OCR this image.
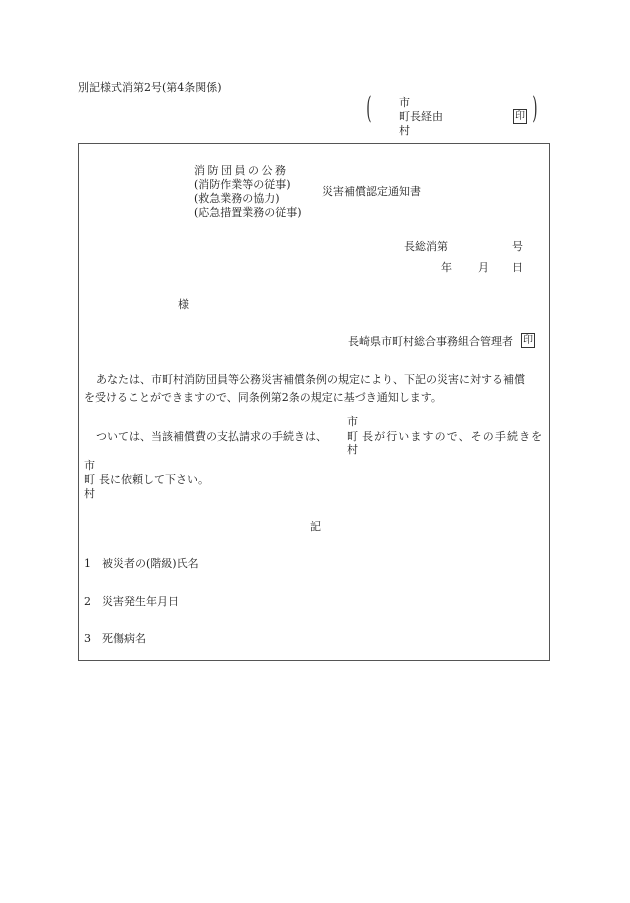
別記様式消第2号(第4条関係)
(	市
町長経由
村
印 )
消防団員の公務
(消防作業等の従事)
(救急業務の協力)
(応急措置業務の従事)
災害補償認定通知書
長総消第	号
年 月 日
様
長崎県市町村総合事務組合管理者 印
あなたは、市町村消防団員等公務災害補償条例の規定により、下記の災害に対する補償
を受けることができますので、同条例第2条の規定に基づき通知します。
ついては、当該補償費の支払請求の手続きは、
市
町
村
長が行いますので、その手続きを
市
町
村
長に依頼して下さい。
記
1 被災者の(階級)氏名
2 災害発生年月日
3 死傷病名
